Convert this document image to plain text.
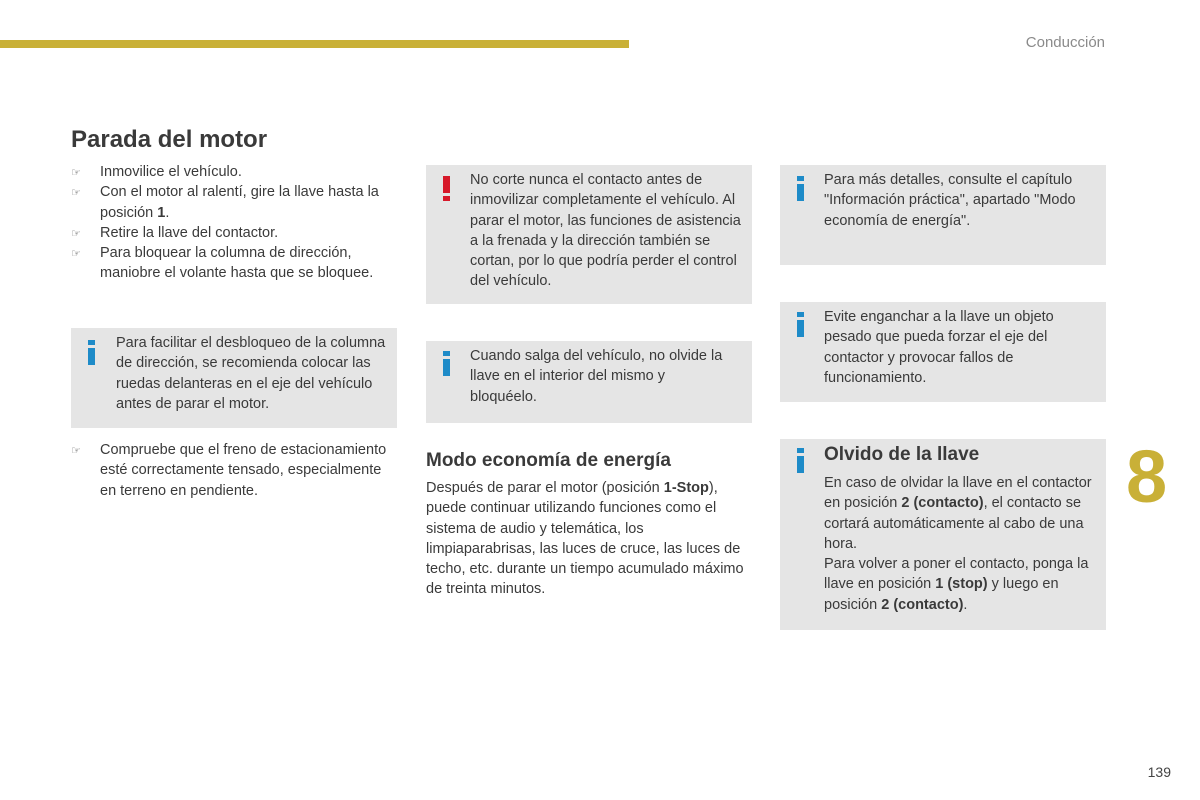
Conducción
Parada del motor
☞ Inmovilice el vehículo.
☞ Con el motor al ralentí, gire la llave hasta la posición 1.
☞ Retire la llave del contactor.
☞ Para bloquear la columna de dirección, maniobre el volante hasta que se bloquee.
Para facilitar el desbloqueo de la columna de dirección, se recomienda colocar las ruedas delanteras en el eje del vehículo antes de parar el motor.
☞ Compruebe que el freno de estacionamiento esté correctamente tensado, especialmente en terreno en pendiente.
No corte nunca el contacto antes de inmovilizar completamente el vehículo. Al parar el motor, las funciones de asistencia a la frenada y la dirección también se cortan, por lo que podría perder el control del vehículo.
Cuando salga del vehículo, no olvide la llave en el interior del mismo y bloquéelo.
Modo economía de energía
Después de parar el motor (posición 1-Stop), puede continuar utilizando funciones como el sistema de audio y telemática, los limpiaparabrisas, las luces de cruce, las luces de techo, etc. durante un tiempo acumulado máximo de treinta minutos.
Para más detalles, consulte el capítulo "Información práctica", apartado "Modo economía de energía".
Evite enganchar a la llave un objeto pesado que pueda forzar el eje del contactor y provocar fallos de funcionamiento.
Olvido de la llave
En caso de olvidar la llave en el contactor en posición 2 (contacto), el contacto se cortará automáticamente al cabo de una hora.
Para volver a poner el contacto, ponga la llave en posición 1 (stop) y luego en posición 2 (contacto).
8
139
